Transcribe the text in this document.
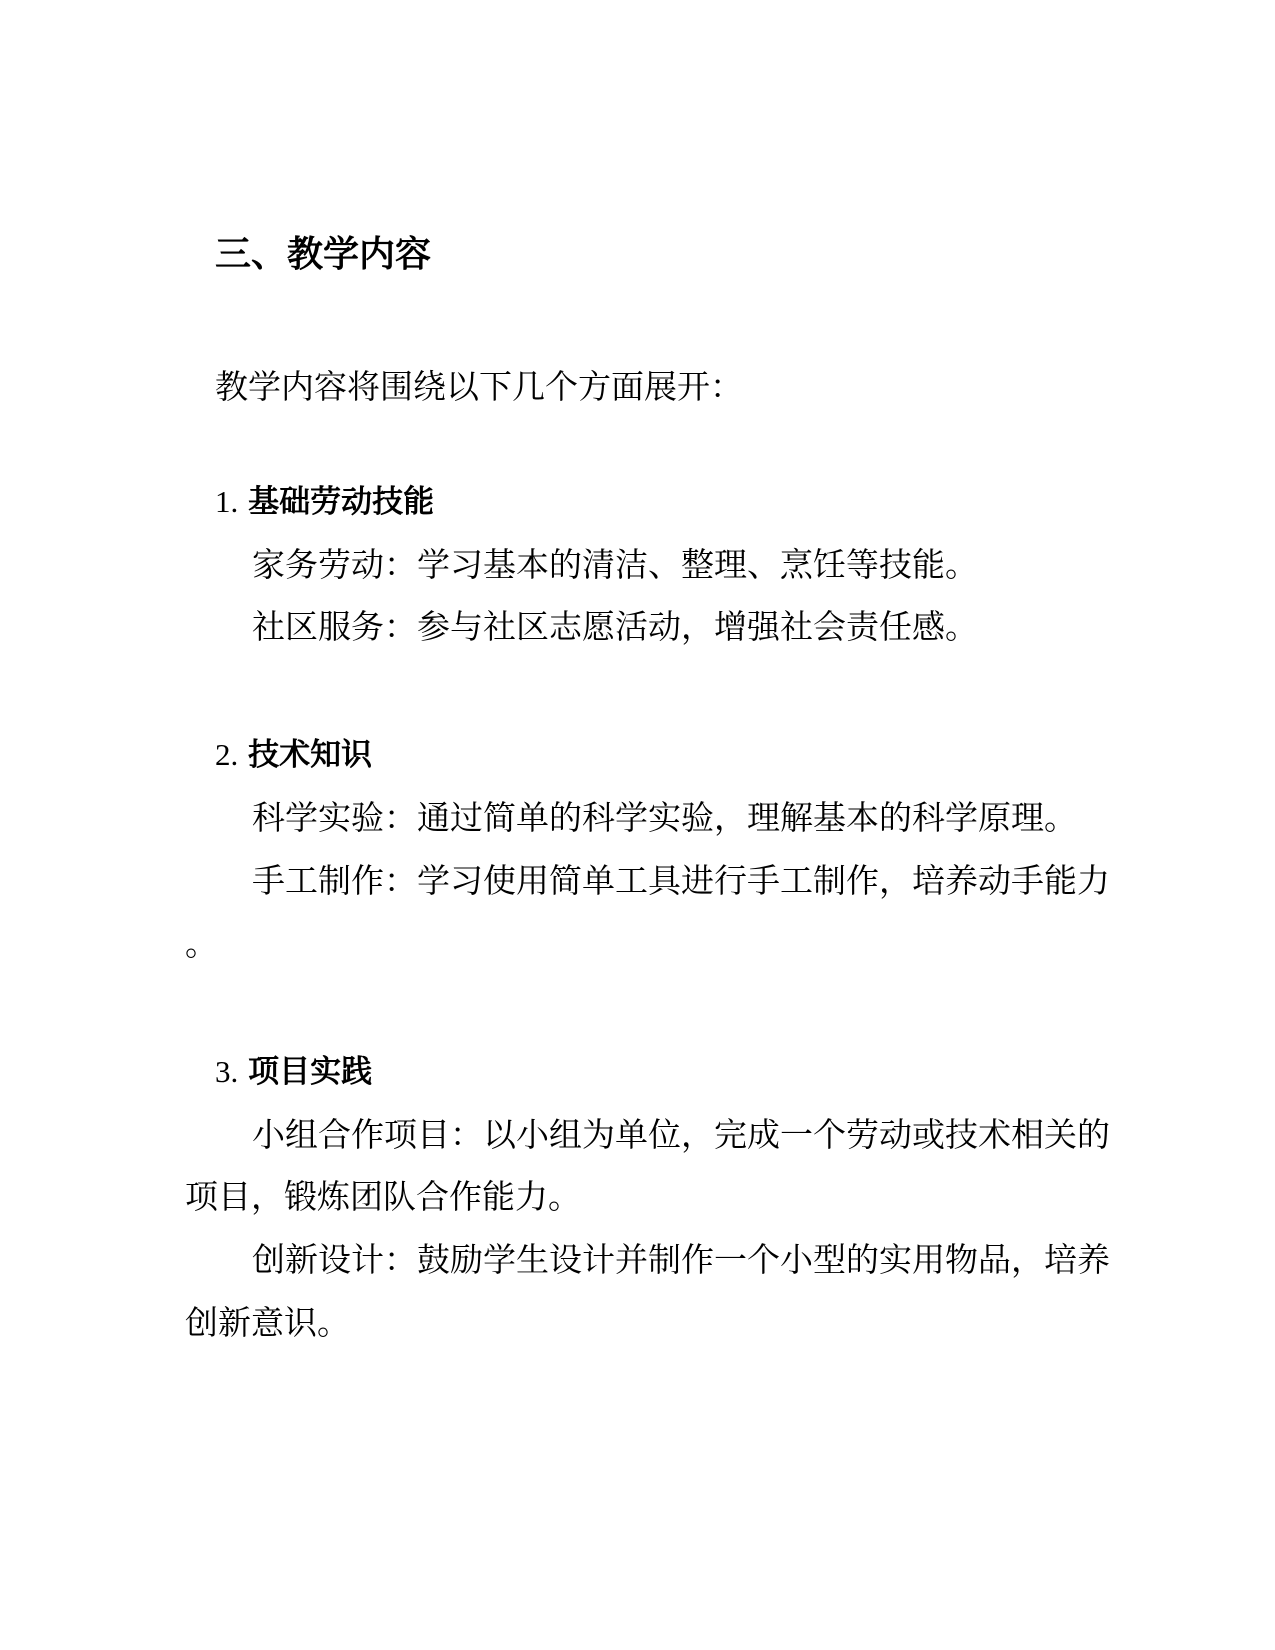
三、教学内容
教学内容将围绕以下几个方面展开：
1. 基础劳动技能
家务劳动：学习基本的清洁、整理、烹饪等技能。
社区服务：参与社区志愿活动，增强社会责任感。
2. 技术知识
科学实验：通过简单的科学实验，理解基本的科学原理。
手工制作：学习使用简单工具进行手工制作，培养动手能力
。
3. 项目实践
小组合作项目：以小组为单位，完成一个劳动或技术相关的
项目，锻炼团队合作能力。
创新设计：鼓励学生设计并制作一个小型的实用物品，培养
创新意识。
